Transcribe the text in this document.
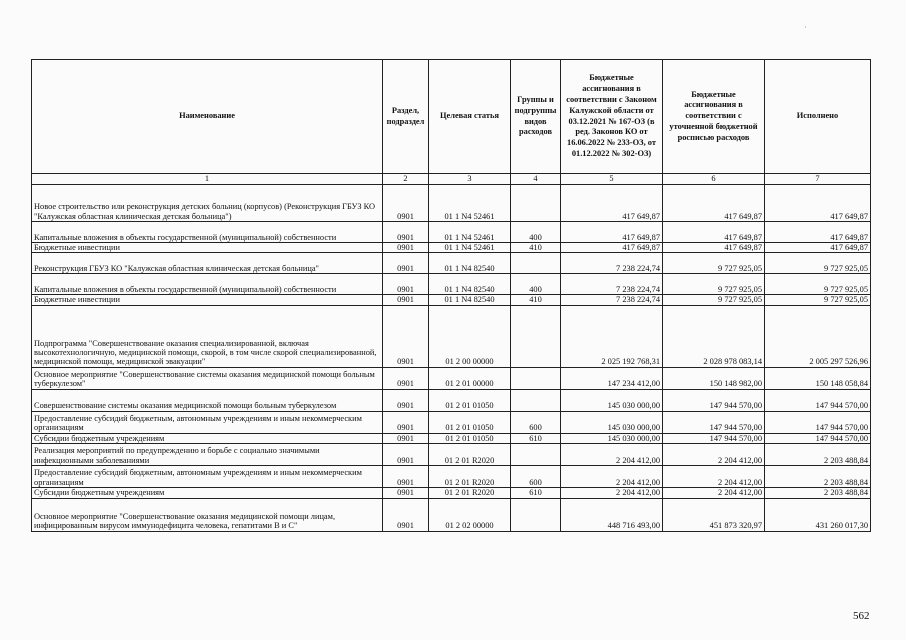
·
Наименование	Раздел, подраздел	Целевая статья	Группы и подгруппы видов расходов	Бюджетные ассигнования в соответствии с Законом Калужской области от 03.12.2021 № 167-ОЗ (в ред. Законов КО от 16.06.2022 № 233-ОЗ, от 01.12.2022 № 302-ОЗ)	Бюджетные ассигнования в соответствии с уточненной бюджетной росписью расходов	Исполнено
1	2	3	4	5	6	7
Новое строительство или реконструкция детских больниц (корпусов) (Реконструкция ГБУЗ КО "Калужская областная клиническая детская больница")	0901	01 1 N4 52461		417 649,87	417 649,87	417 649,87
Капитальные вложения в объекты государственной (муниципальной) собственности	0901	01 1 N4 52461	400	417 649,87	417 649,87	417 649,87
Бюджетные инвестиции	0901	01 1 N4 52461	410	417 649,87	417 649,87	417 649,87
Реконструкция ГБУЗ КО "Калужская областная клиническая детская больница"	0901	01 1 N4 82540		7 238 224,74	9 727 925,05	9 727 925,05
Капитальные вложения в объекты государственной (муниципальной) собственности	0901	01 1 N4 82540	400	7 238 224,74	9 727 925,05	9 727 925,05
Бюджетные инвестиции	0901	01 1 N4 82540	410	7 238 224,74	9 727 925,05	9 727 925,05
Подпрограмма "Совершенствование оказания специализированной, включая высокотехнологичную, медицинской помощи, скорой, в том числе скорой специализированной, медицинской помощи, медицинской эвакуации"	0901	01 2 00 00000		2 025 192 768,31	2 028 978 083,14	2 005 297 526,96
Основное мероприятие "Совершенствование системы оказания медицинской помощи больным туберкулезом"	0901	01 2 01 00000		147 234 412,00	150 148 982,00	150 148 058,84
Совершенствование системы оказания медицинской помощи больным туберкулезом	0901	01 2 01 01050		145 030 000,00	147 944 570,00	147 944 570,00
Предоставление субсидий бюджетным, автономным учреждениям и иным некоммерческим организациям	0901	01 2 01 01050	600	145 030 000,00	147 944 570,00	147 944 570,00
Субсидии бюджетным учреждениям	0901	01 2 01 01050	610	145 030 000,00	147 944 570,00	147 944 570,00
Реализация мероприятий по предупреждению и борьбе с социально значимыми инфекционными заболеваниями	0901	01 2 01 R2020		2 204 412,00	2 204 412,00	2 203 488,84
Предоставление субсидий бюджетным, автономным учреждениям и иным некоммерческим организациям	0901	01 2 01 R2020	600	2 204 412,00	2 204 412,00	2 203 488,84
Субсидии бюджетным учреждениям	0901	01 2 01 R2020	610	2 204 412,00	2 204 412,00	2 203 488,84
Основное мероприятие "Совершенствование оказания медицинской помощи лицам, инфицированным вирусом иммунодефицита человека, гепатитами В и С"	0901	01 2 02 00000		448 716 493,00	451 873 320,97	431 260 017,30
562
